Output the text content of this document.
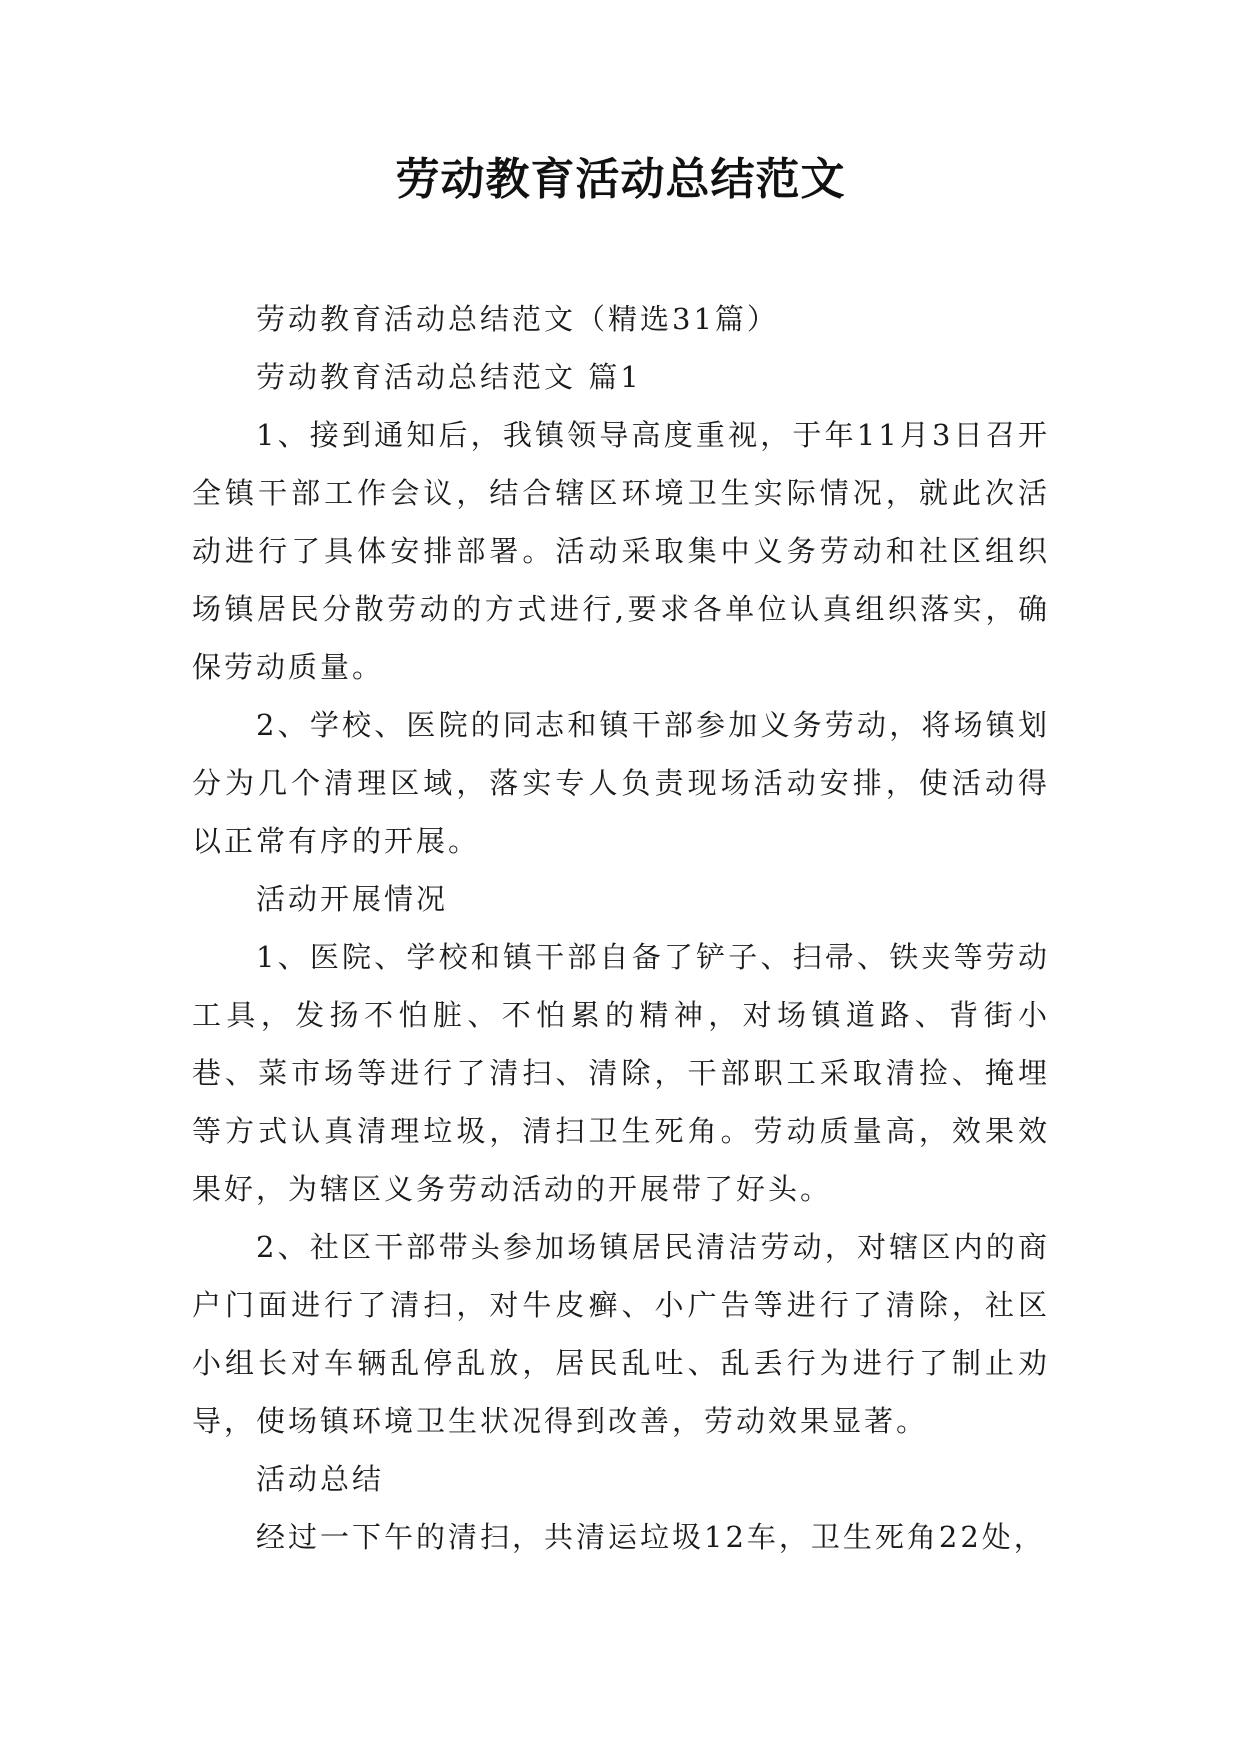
劳动教育活动总结范文

劳动教育活动总结范文（精选31篇）

劳动教育活动总结范文 篇1

1、接到通知后，我镇领导高度重视，于年11月3日召开全镇干部工作会议，结合辖区环境卫生实际情况，就此次活动进行了具体安排部署。活动采取集中义务劳动和社区组织场镇居民分散劳动的方式进行,要求各单位认真组织落实，确保劳动质量。

2、学校、医院的同志和镇干部参加义务劳动，将场镇划分为几个清理区域，落实专人负责现场活动安排，使活动得以正常有序的开展。

活动开展情况

1、医院、学校和镇干部自备了铲子、扫帚、铁夹等劳动工具，发扬不怕脏、不怕累的精神，对场镇道路、背街小巷、菜市场等进行了清扫、清除，干部职工采取清捡、掩埋等方式认真清理垃圾，清扫卫生死角。劳动质量高，效果效果好，为辖区义务劳动活动的开展带了好头。

2、社区干部带头参加场镇居民清洁劳动，对辖区内的商户门面进行了清扫，对牛皮癣、小广告等进行了清除，社区小组长对车辆乱停乱放，居民乱吐、乱丢行为进行了制止劝导，使场镇环境卫生状况得到改善，劳动效果显著。

活动总结

经过一下午的清扫，共清运垃圾12车，卫生死角22处，
